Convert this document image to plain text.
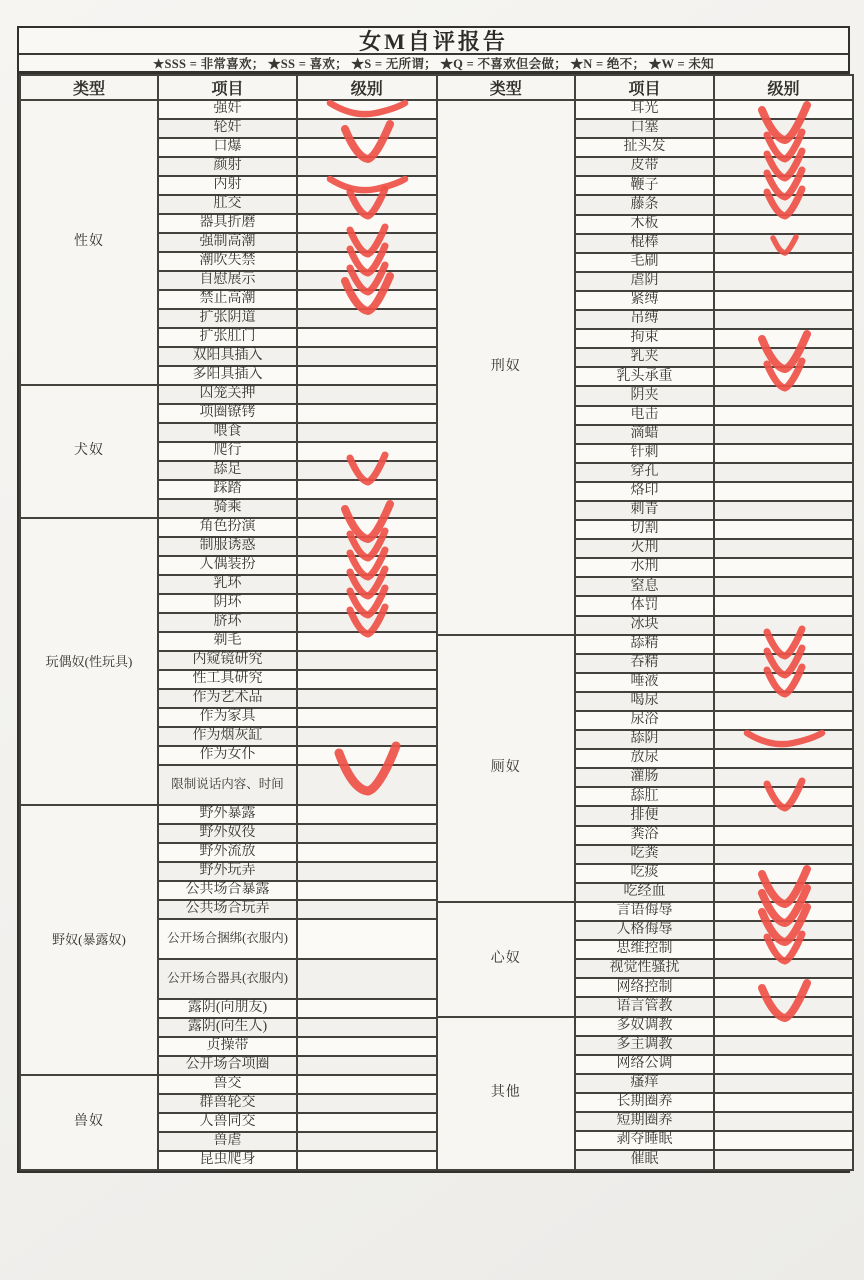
女M自评报告
★SSS = 非常喜欢； ★SS = 喜欢； ★S = 无所谓； ★Q = 不喜欢但会做； ★N = 绝不； ★W = 未知
类型	项目	级别
性奴	强奸	

	轮奸	
	口爆	

	颜射	
	内射	

	肛交	

	器具折磨	
	强制高潮	

	潮吹失禁	

	自慰展示	

	禁止高潮	

	扩张阴道	
	扩张肛门	
	双阳具插入	
	多阳具插入	
犬奴	囚笼关押	
	项圈镣铐	
	喂食	
	爬行	
	舔足	

	踩踏	
	骑乘	
玩偶奴(性玩具)	角色扮演	

	制服诱惑	

	人偶装扮	

	乳环	

	阴环	

	脐环	

	剃毛	
	内窥镜研究	
	性工具研究	
	作为艺术品	
	作为家具	
	作为烟灰缸	
	作为女仆	

	限制说话内容、时间	
野奴(暴露奴)	野外暴露	
	野外奴役	
	野外流放	
	野外玩弄	
	公共场合暴露	
	公共场合玩弄	
	公开场合捆绑(衣服内)	
	公开场合器具(衣服内)	
	露阴(向朋友)	
	露阴(向生人)	
	贞操带	
	公开场合项圈	
兽奴	兽交	
	群兽轮交	
	人兽同交	
	兽虐	
	昆虫爬身	
类型	项目	级别
刑奴	耳光	
	口塞	

	扯头发	

	皮带	

	鞭子	

	藤条	

	木板	
	棍棒	

	毛刷	
	虐阴	
	紧缚	
	吊缚	
	拘束	
	乳夹	

	乳头承重	

	阴夹	
	电击	
	滴蜡	
	针刺	
	穿孔	
	烙印	
	刺青	
	切割	
	火刑	
	水刑	
	窒息	
	体罚	
	冰块	
厕奴	舔精	

	吞精	

	唾液	

	喝尿	
	尿浴	
	舔阴	

	放尿	
	灌肠	
	舔肛	

	排便	
	粪浴	
	吃粪	
	吃痰	
	吃经血	

心奴	言语侮辱	

	人格侮辱	

	思维控制	

	视觉性骚扰	
	网络控制	
	语言管教	

其他	多奴调教	
	多主调教	
	网络公调	
	瘙痒	
	长期圈养	
	短期圈养	
	剥夺睡眠	
	催眠	
